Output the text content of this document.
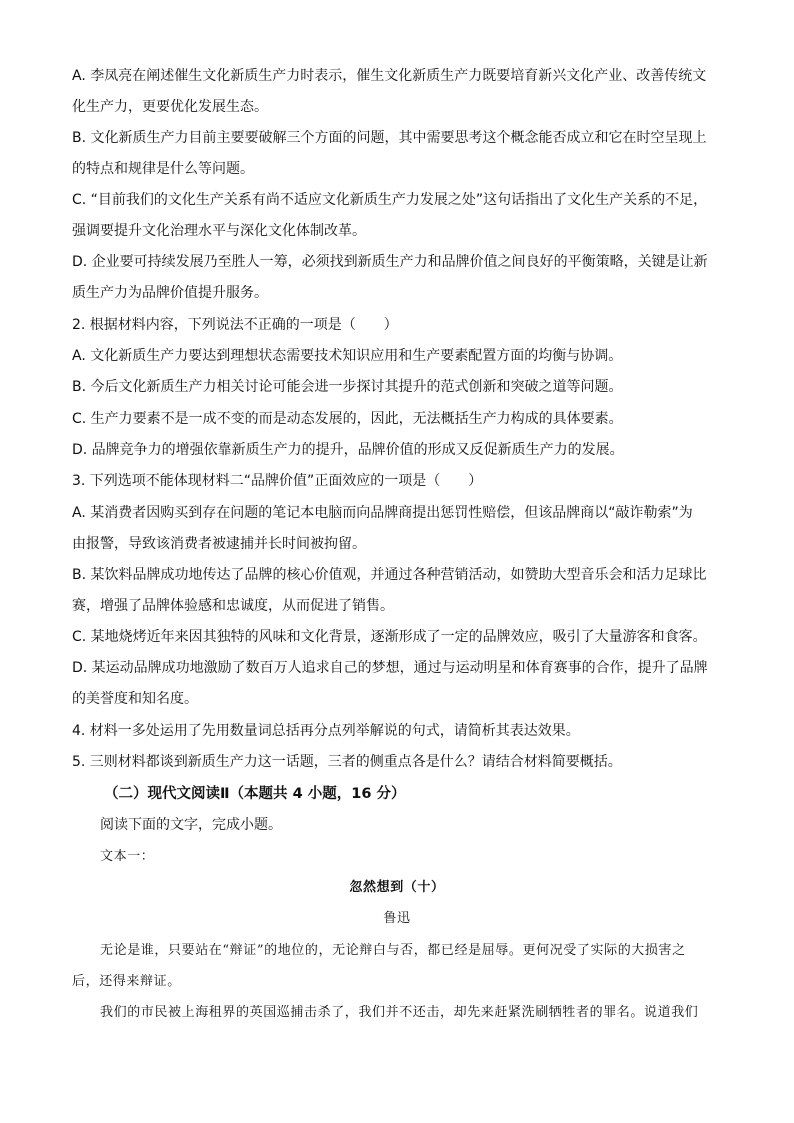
A. 李凤亮在阐述催生文化新质生产力时表示，催生文化新质生产力既要培育新兴文化产业、改善传统文
化生产力，更要优化发展生态。
B. 文化新质生产力目前主要要破解三个方面的问题，其中需要思考这个概念能否成立和它在时空呈现上
的特点和规律是什么等问题。
C. “目前我们的文化生产关系有尚不适应文化新质生产力发展之处”这句话指出了文化生产关系的不足，
强调要提升文化治理水平与深化文化体制改革。
D. 企业要可持续发展乃至胜人一筹，必须找到新质生产力和品牌价值之间良好的平衡策略，关键是让新
质生产力为品牌价值提升服务。
2. 根据材料内容，下列说法不正确的一项是（　　）
A. 文化新质生产力要达到理想状态需要技术知识应用和生产要素配置方面的均衡与协调。
B. 今后文化新质生产力相关讨论可能会进一步探讨其提升的范式创新和突破之道等问题。
C. 生产力要素不是一成不变的而是动态发展的，因此，无法概括生产力构成的具体要素。
D. 品牌竞争力的增强依靠新质生产力的提升，品牌价值的形成又反促新质生产力的发展。
3. 下列选项不能体现材料二“品牌价值”正面效应的一项是（　　）
A. 某消费者因购买到存在问题的笔记本电脑而向品牌商提出惩罚性赔偿，但该品牌商以“敲诈勒索”为
由报警，导致该消费者被逮捕并长时间被拘留。
B. 某饮料品牌成功地传达了品牌的核心价值观，并通过各种营销活动，如赞助大型音乐会和活力足球比
赛，增强了品牌体验感和忠诚度，从而促进了销售。
C. 某地烧烤近年来因其独特的风味和文化背景，逐渐形成了一定的品牌效应，吸引了大量游客和食客。
D. 某运动品牌成功地激励了数百万人追求自己的梦想，通过与运动明星和体育赛事的合作，提升了品牌
的美誉度和知名度。
4. 材料一多处运用了先用数量词总括再分点列举解说的句式，请简析其表达效果。
5. 三则材料都谈到新质生产力这一话题，三者的侧重点各是什么？请结合材料简要概括。
（二）现代文阅读Ⅱ（本题共 4 小题，16 分）
阅读下面的文字，完成小题。
文本一：
忽然想到（十）
鲁迅
无论是谁，只要站在“辩证”的地位的，无论辩白与否，都已经是屈辱。更何况受了实际的大损害之
后，还得来辩证。
我们的市民被上海租界的英国巡捕击杀了，我们并不还击，却先来赶紧洗刷牺牲者的罪名。说道我们
